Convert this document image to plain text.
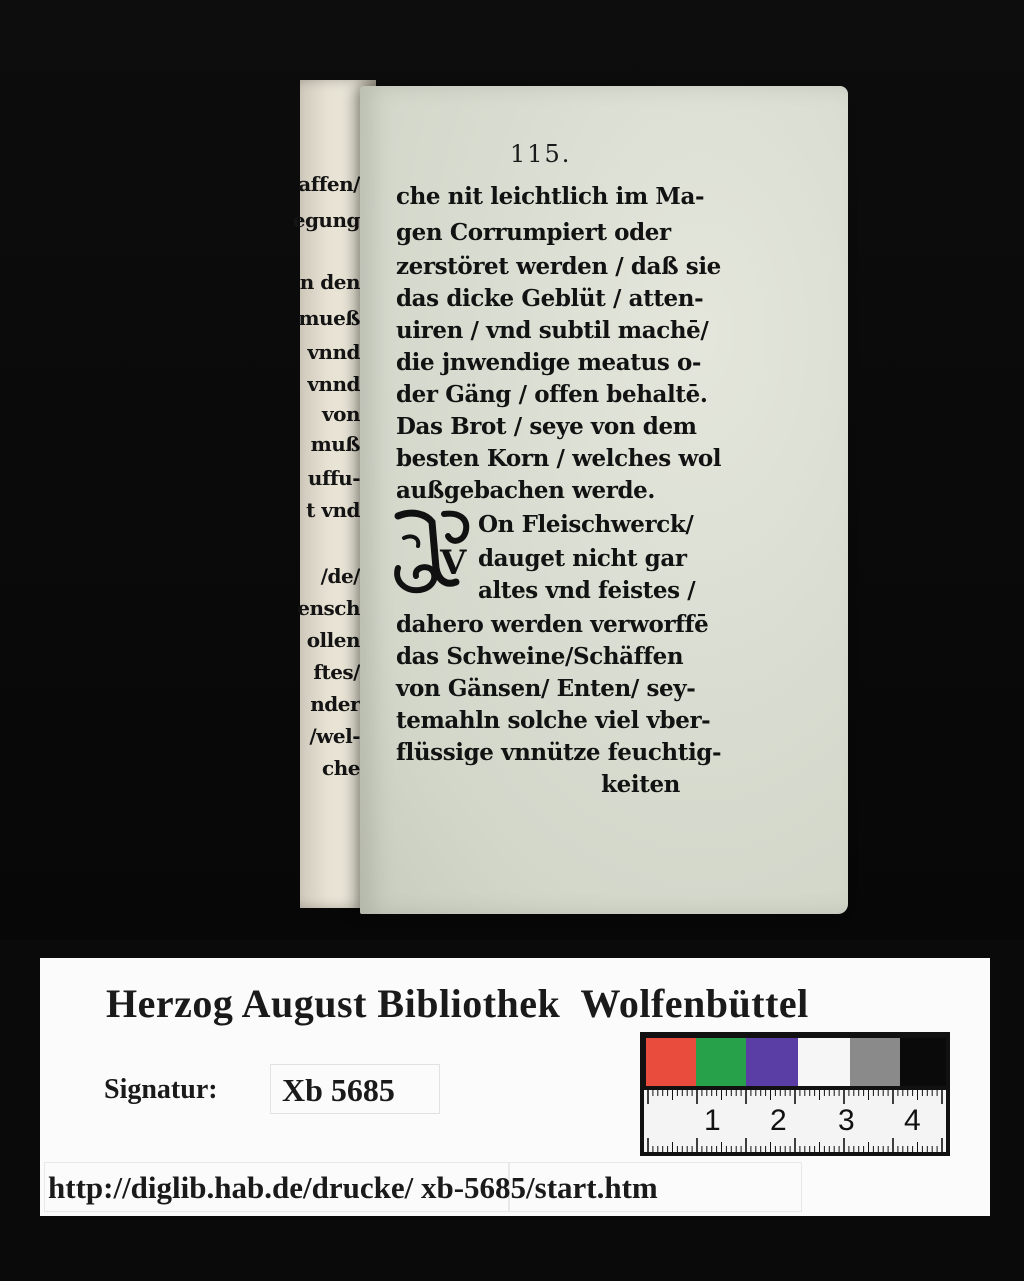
affen/
egung
n den
mueß
vnnd
vnnd
von
muß
uffu-
t vnd
/de/
ensch
ollen
ftes/
nder
/wel-
che
115.
che nit leichtlich im Ma-
gen Corrumpiert oder
zerstöret werden / daß sie
das dicke Geblüt / atten-
uiren / vnd subtil machē/
die jnwendige meatus o-
der Gäng / offen behaltē.
Das Brot / seye von dem
besten Korn / welches wol
außgebachen werde.
V
On Fleischwerck/
dauget nicht gar
altes vnd feistes /
dahero werden verworffē
das Schweine/Schäffen
von Gänsen/ Enten/ sey-
temahln solche viel vber-
flüssige vnnütze feuchtig-
keiten
Herzog August Bibliothek  Wolfenbüttel
Signatur: Xb 5685
http://diglib.hab.de/drucke/ xb-5685/start.htm
1 2 3 4
